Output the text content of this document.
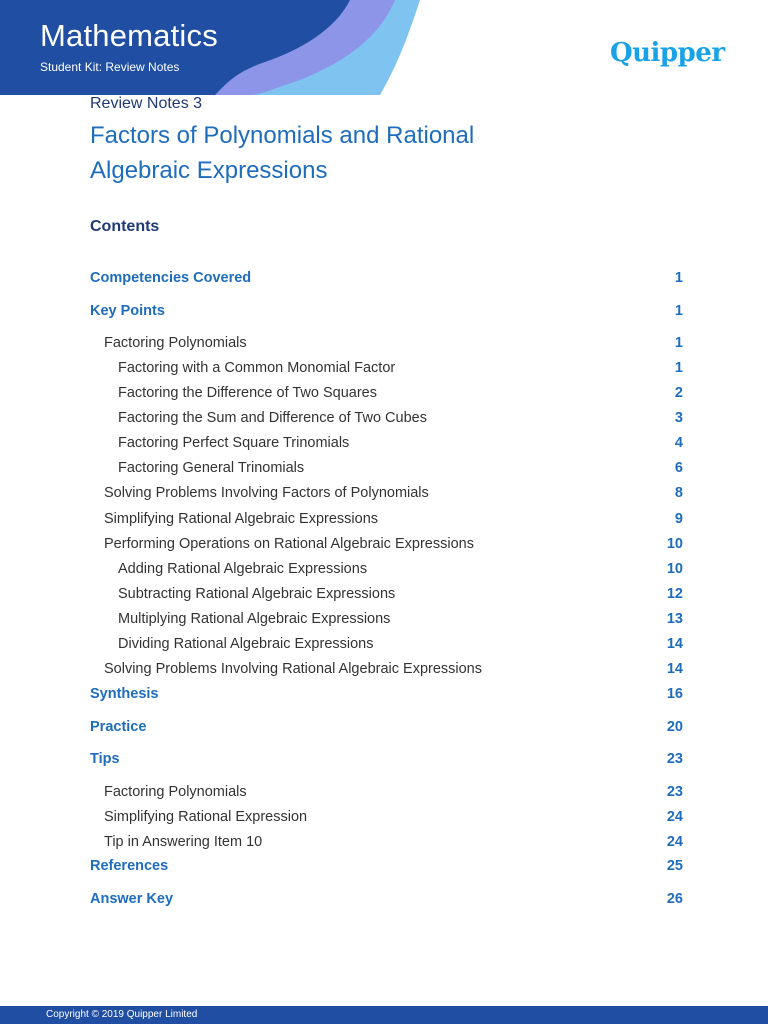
Mathematics
Student Kit: Review Notes	Quipper
Review Notes 3
Factors of Polynomials and Rational
Algebraic Expressions
Contents
Competencies Covered	1
Key Points	1
Factoring Polynomials	1
Factoring with a Common Monomial Factor	1
Factoring the Difference of Two Squares	2
Factoring the Sum and Difference of Two Cubes	3
Factoring Perfect Square Trinomials	4
Factoring General Trinomials	6
Solving Problems Involving Factors of Polynomials	8
Simplifying Rational Algebraic Expressions	9
Performing Operations on Rational Algebraic Expressions	10
Adding Rational Algebraic Expressions	10
Subtracting Rational Algebraic Expressions	12
Multiplying Rational Algebraic Expressions	13
Dividing Rational Algebraic Expressions	14
Solving Problems Involving Rational Algebraic Expressions	14
Synthesis	16
Practice	20
Tips	23
Factoring Polynomials	23
Simplifying Rational Expression	24
Tip in Answering Item 10	24
References	25
Answer Key	26
Copyright © 2019 Quipper Limited
